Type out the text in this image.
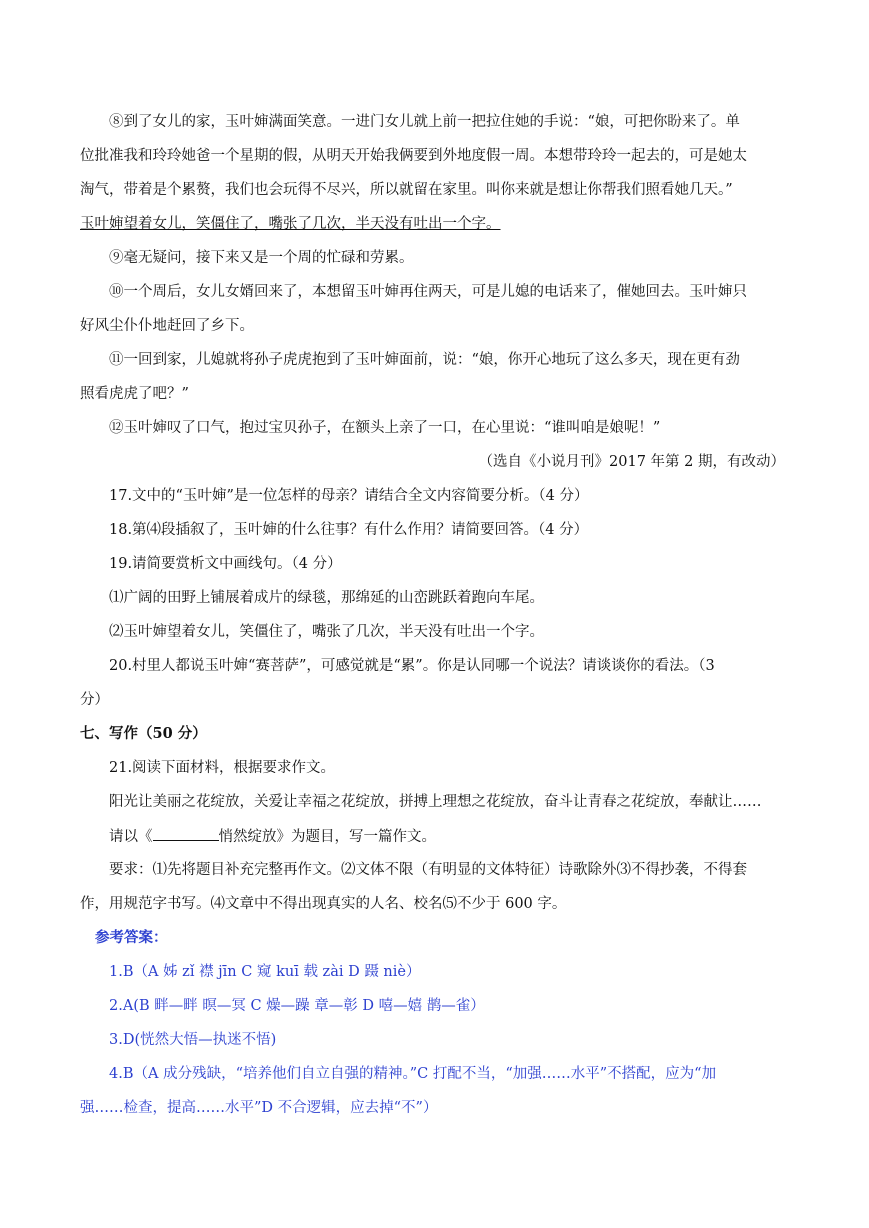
⑧到了女儿的家，玉叶婶满面笑意。一进门女儿就上前一把拉住她的手说：“娘，可把你盼来了。单
位批准我和玲玲她爸一个星期的假，从明天开始我俩要到外地度假一周。本想带玲玲一起去的，可是她太
淘气，带着是个累赘，我们也会玩得不尽兴，所以就留在家里。叫你来就是想让你帮我们照看她几天。”
玉叶婶望着女儿，笑僵住了，嘴张了几次，半天没有吐出一个字。
⑨毫无疑问，接下来又是一个周的忙碌和劳累。
⑩一个周后，女儿女婿回来了，本想留玉叶婶再住两天，可是儿媳的电话来了，催她回去。玉叶婶只
好风尘仆仆地赶回了乡下。
⑪一回到家，儿媳就将孙子虎虎抱到了玉叶婶面前，说：“娘，你开心地玩了这么多天，现在更有劲
照看虎虎了吧？”
⑫玉叶婶叹了口气，抱过宝贝孙子，在额头上亲了一口，在心里说：“谁叫咱是娘呢！”
（选自《小说月刊》2017 年第 2 期，有改动）
17.文中的“玉叶婶”是一位怎样的母亲？请结合全文内容简要分析。（4 分）
18.第⑷段插叙了，玉叶婶的什么往事？有什么作用？请简要回答。（4 分）
19.请简要赏析文中画线句。（4 分）
⑴广阔的田野上铺展着成片的绿毯，那绵延的山峦跳跃着跑向车尾。
⑵玉叶婶望着女儿，笑僵住了，嘴张了几次，半天没有吐出一个字。
20.村里人都说玉叶婶“赛菩萨”，可感觉就是“累”。你是认同哪一个说法？请谈谈你的看法。（3
分）
七、写作（50 分）
21.阅读下面材料，根据要求作文。
阳光让美丽之花绽放，关爱让幸福之花绽放，拼搏上理想之花绽放，奋斗让青春之花绽放，奉献让……
请以《	悄然绽放》为题目，写一篇作文。
要求：⑴先将题目补充完整再作文。⑵文体不限（有明显的文体特征）诗歌除外⑶不得抄袭，不得套
作，用规范字书写。⑷文章中不得出现真实的人名、校名⑸不少于 600 字。
参考答案：
1.B（A 姊 zǐ 襟 jīn C 窥 kuī 载 zài D 蹑 niè）
2.A(B 畔—畔 暝—冥 C 燥—躁 章—彰 D 嘻—嬉 鹊—雀）
3.D(恍然大悟—执迷不悟)
4.B（A 成分残缺，“培养他们自立自强的精神。”C 打配不当，“加强……水平”不搭配，应为“加
强……检查，提高……水平”D 不合逻辑，应去掉“不”）
